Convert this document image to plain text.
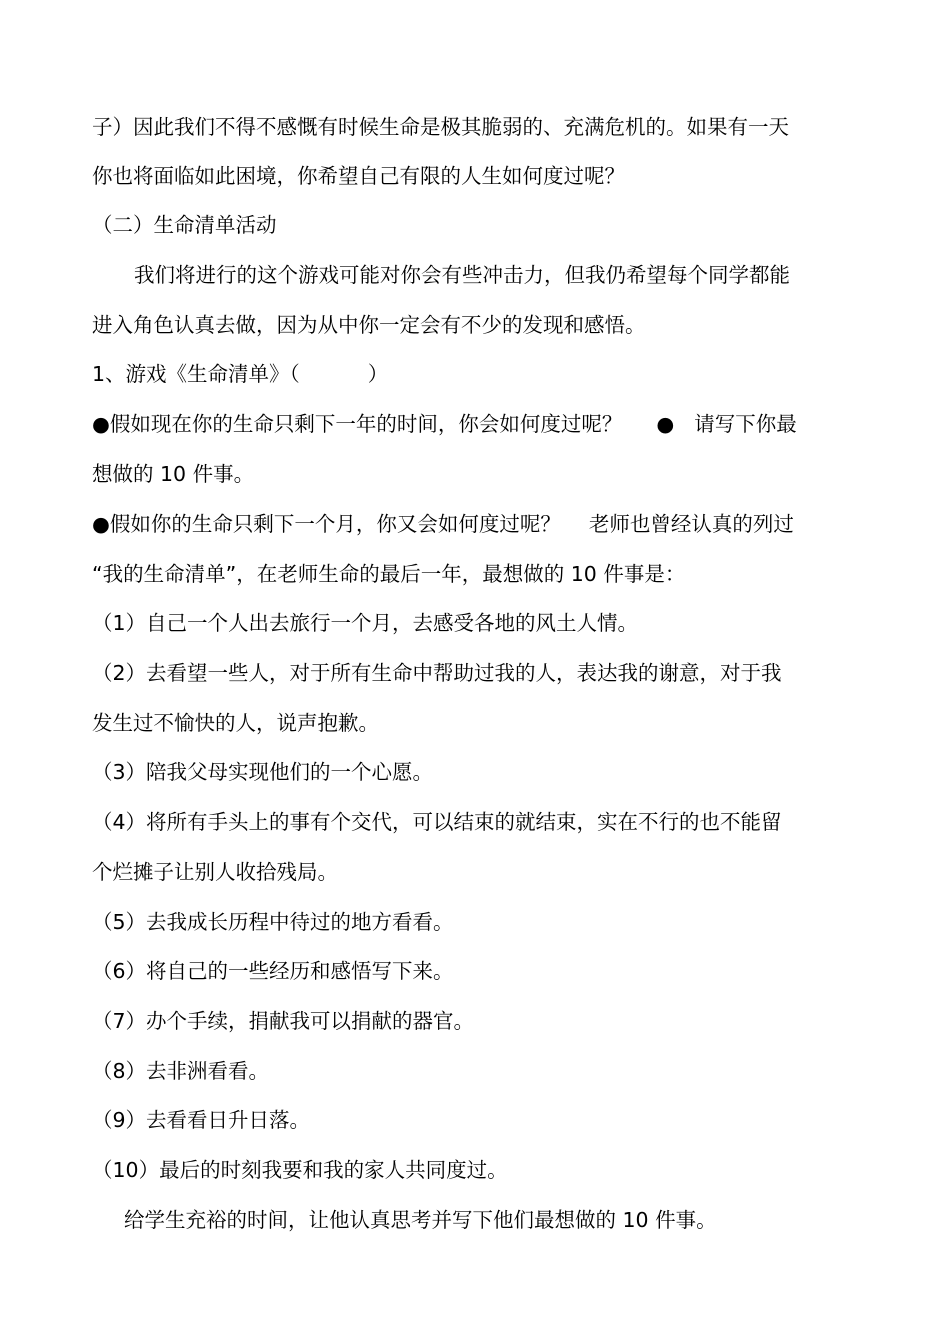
子）因此我们不得不感慨有时候生命是极其脆弱的、充满危机的。如果有一天
你也将面临如此困境，你希望自己有限的人生如何度过呢？
（二）生命清单活动
我们将进行的这个游戏可能对你会有些冲击力，但我仍希望每个同学都能
进入角色认真去做，因为从中你一定会有不少的发现和感悟。
1、游戏《生命清单》（	）
●假如现在你的生命只剩下一年的时间，你会如何度过呢？ ● 请写下你最
想做的 10 件事。
●假如你的生命只剩下一个月，你又会如何度过呢？ 老师也曾经认真的列过
“我的生命清单”，在老师生命的最后一年，最想做的 10 件事是：
（1）自己一个人出去旅行一个月，去感受各地的风土人情。
（2）去看望一些人，对于所有生命中帮助过我的人，表达我的谢意，对于我
发生过不愉快的人，说声抱歉。
（3）陪我父母实现他们的一个心愿。
（4）将所有手头上的事有个交代，可以结束的就结束，实在不行的也不能留
个烂摊子让别人收拾残局。
（5）去我成长历程中待过的地方看看。
（6）将自己的一些经历和感悟写下来。
（7）办个手续，捐献我可以捐献的器官。
（8）去非洲看看。
（9）去看看日升日落。
（10）最后的时刻我要和我的家人共同度过。
给学生充裕的时间，让他认真思考并写下他们最想做的 10 件事。
